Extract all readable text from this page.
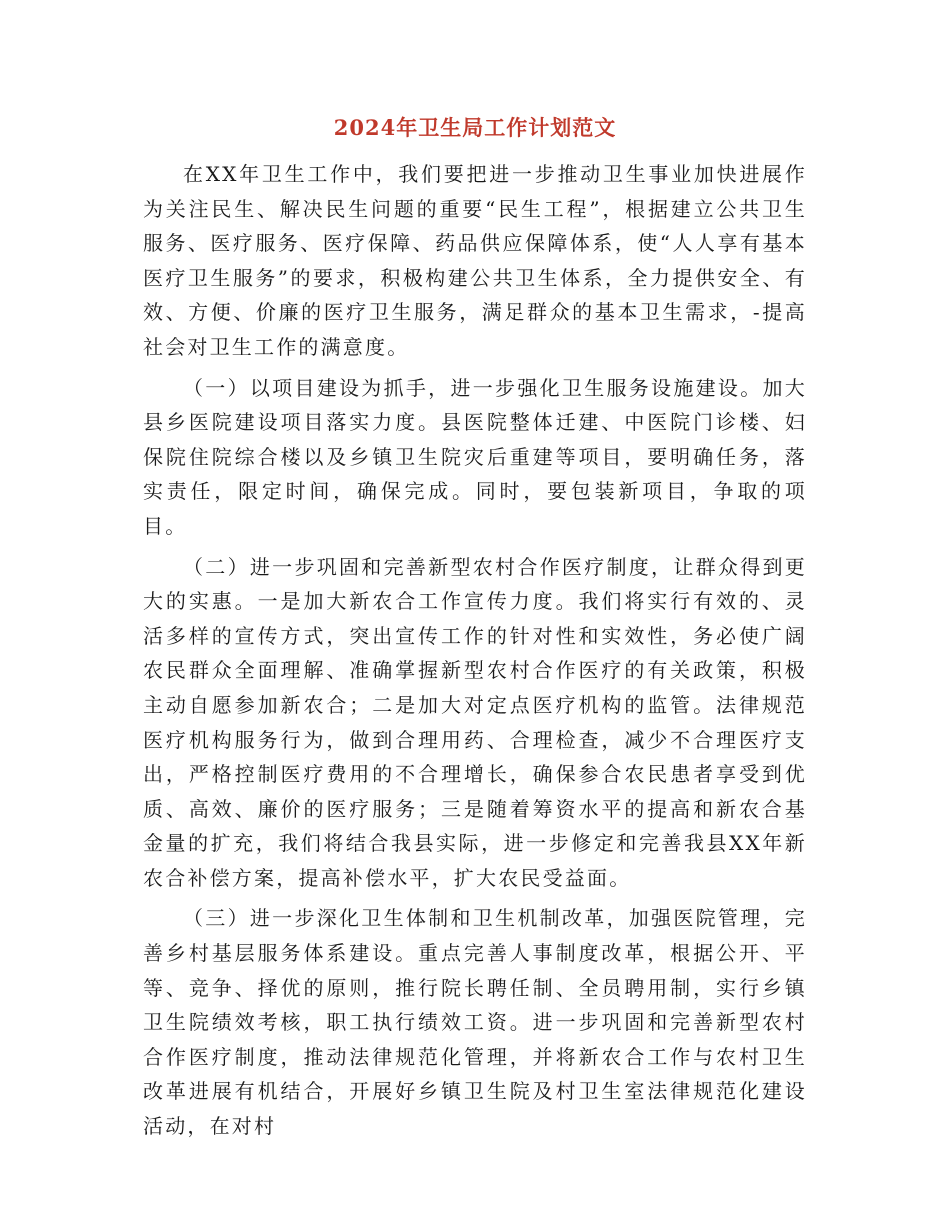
2024年卫生局工作计划范文

在XX年卫生工作中，我们要把进一步推动卫生事业加快进展作为关注民生、解决民生问题的重要“民生工程”，根据建立公共卫生服务、医疗服务、医疗保障、药品供应保障体系，使“人人享有基本医疗卫生服务”的要求，积极构建公共卫生体系，全力提供安全、有效、方便、价廉的医疗卫生服务，满足群众的基本卫生需求，-提高社会对卫生工作的满意度。

（一）以项目建设为抓手，进一步强化卫生服务设施建设。加大县乡医院建设项目落实力度。县医院整体迁建、中医院门诊楼、妇保院住院综合楼以及乡镇卫生院灾后重建等项目，要明确任务，落实责任，限定时间，确保完成。同时，要包装新项目，争取的项目。

（二）进一步巩固和完善新型农村合作医疗制度，让群众得到更大的实惠。一是加大新农合工作宣传力度。我们将实行有效的、灵活多样的宣传方式，突出宣传工作的针对性和实效性，务必使广阔农民群众全面理解、准确掌握新型农村合作医疗的有关政策，积极主动自愿参加新农合；二是加大对定点医疗机构的监管。法律规范医疗机构服务行为，做到合理用药、合理检查，减少不合理医疗支出，严格控制医疗费用的不合理增长，确保参合农民患者享受到优质、高效、廉价的医疗服务；三是随着筹资水平的提高和新农合基金量的扩充，我们将结合我县实际，进一步修定和完善我县XX年新农合补偿方案，提高补偿水平，扩大农民受益面。

（三）进一步深化卫生体制和卫生机制改革，加强医院管理，完善乡村基层服务体系建设。重点完善人事制度改革，根据公开、平等、竞争、择优的原则，推行院长聘任制、全员聘用制，实行乡镇卫生院绩效考核，职工执行绩效工资。进一步巩固和完善新型农村合作医疗制度，推动法律规范化管理，并将新农合工作与农村卫生改革进展有机结合，开展好乡镇卫生院及村卫生室法律规范化建设活动，在对村
